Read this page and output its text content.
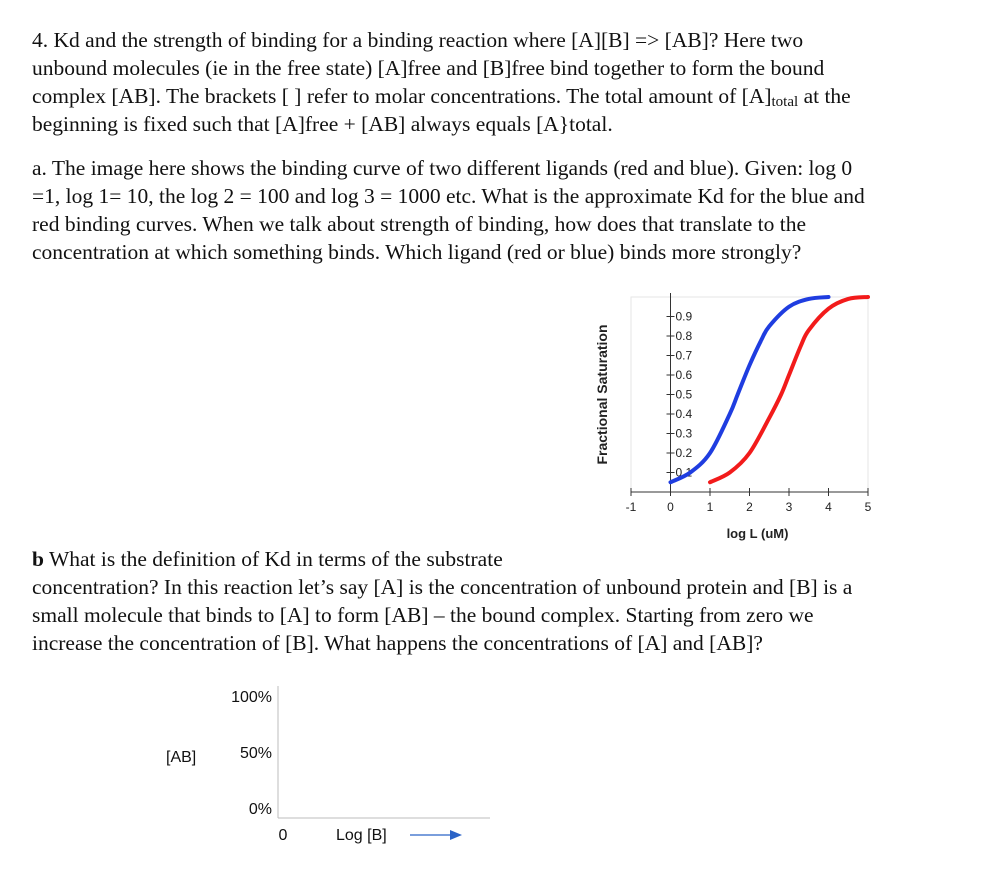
4. Kd and the strength of binding for a binding reaction where [A][B] => [AB]? Here two
unbound molecules (ie in the free state) [A]free and [B]free bind together to form the bound
complex [AB]. The brackets [ ] refer to molar concentrations. The total amount of $[A]_{total}$ at the
beginning is fixed such that [A]free + [AB] always equals [A}total.
a. The image here shows the binding curve of two different ligands (red and blue). Given: log 0
=1, log 1= 10, the log 2 = 100 and log 3 = 1000 etc. What is the approximate Kd for the blue and
red binding curves. When we talk about strength of binding, how does that translate to the
concentration at which something binds. Which ligand (red or blue) binds more strongly?
0.1
0.2
0.3
0.4
0.5
0.6
0.7
0.8
0.9
-1	0	1	2	3	4	5
log L (uM)
Fractional Saturation
b What is the definition of Kd in terms of the substrate
concentration? In this reaction let’s say [A] is the concentration of unbound protein and [B] is a
small molecule that binds to [A] to form [AB] – the bound complex. Starting from zero we
increase the concentration of [B]. What happens the concentrations of [A] and [AB]?
100%
50%
0%
[AB]
0	Log [B]
